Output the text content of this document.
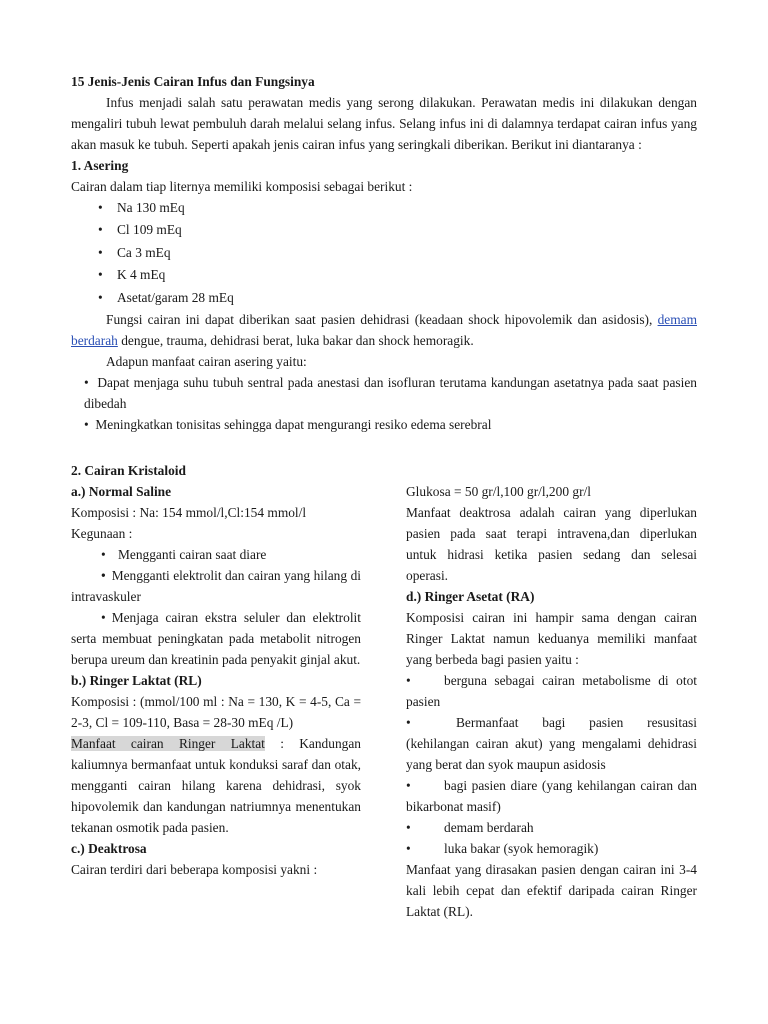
15 Jenis-Jenis Cairan Infus dan Fungsinya

Infus menjadi salah satu perawatan medis yang serong dilakukan. Perawatan medis ini dilakukan dengan mengaliri tubuh lewat pembuluh darah melalui selang infus. Selang infus ini di dalamnya terdapat cairan infus yang akan masuk ke tubuh. Seperti apakah jenis cairan infus yang seringkali diberikan. Berikut ini diantaranya :

1. Asering

Cairan dalam tiap liternya memiliki komposisi sebagai berikut :

• Na 130 mEq
• Cl 109 mEq
• Ca 3 mEq
• K 4 mEq
• Asetat/garam 28 mEq

Fungsi cairan ini dapat diberikan saat pasien dehidrasi (keadaan shock hipovolemik dan asidosis), demam berdarah dengue, trauma, dehidrasi berat, luka bakar dan shock hemoragik.

Adapun manfaat cairan asering yaitu:

•  Dapat menjaga suhu tubuh sentral pada anestasi dan isofluran terutama kandungan asetatnya pada saat pasien dibedah
•  Meningkatkan tonisitas sehingga dapat mengurangi resiko edema serebral
2. Cairan Kristaloid
a.) Normal Saline

Komposisi : Na: 154 mmol/l,Cl:154 mmol/l

Kegunaan :

• Mengganti cairan saat diare
• • Mengganti elektrolit dan cairan yang hilang di intravaskuler
• Menjaga cairan ekstra seluler dan elektrolit serta membuat peningkatan pada metabolit nitrogen berupa ureum dan kreatinin pada penyakit ginjal akut.
b.) Ringer Laktat (RL)

Komposisi : (mmol/100 ml : Na = 130, K = 4-5, Ca = 2-3, Cl = 109-110, Basa = 28-30 mEq /L)

Manfaat cairan Ringer Laktat : Kandungan kaliumnya bermanfaat untuk konduksi saraf dan otak, mengganti cairan hilang karena dehidrasi, syok hipovolemik dan kandungan natriumnya menentukan tekanan osmotik pada pasien.

c.) Deaktrosa

Cairan terdiri dari beberapa komposisi yakni :

Glukosa = 50 gr/l,100 gr/l,200 gr/l

Manfaat deaktrosa adalah cairan yang diperlukan pasien pada saat terapi intravena,dan diperlukan untuk hidrasi ketika pasien sedang dan selesai operasi.

d.) Ringer Asetat (RA)

Komposisi cairan ini hampir sama dengan cairan Ringer Laktat namun keduanya memiliki manfaat yang berbeda bagi pasien yaitu :

• berguna sebagai cairan metabolisme di otot pasien
•	Bermanfaat bagi pasien resusitasi (kehilangan cairan akut) yang mengalami dehidrasi yang berat dan syok maupun asidosis
• bagi pasien diare (yang kehilangan cairan dan bikarbonat masif)
• demam berdarah
• luka bakar (syok hemoragik)

Manfaat yang dirasakan pasien dengan cairan ini 3-4 kali lebih cepat dan efektif daripada cairan Ringer Laktat (RL).
